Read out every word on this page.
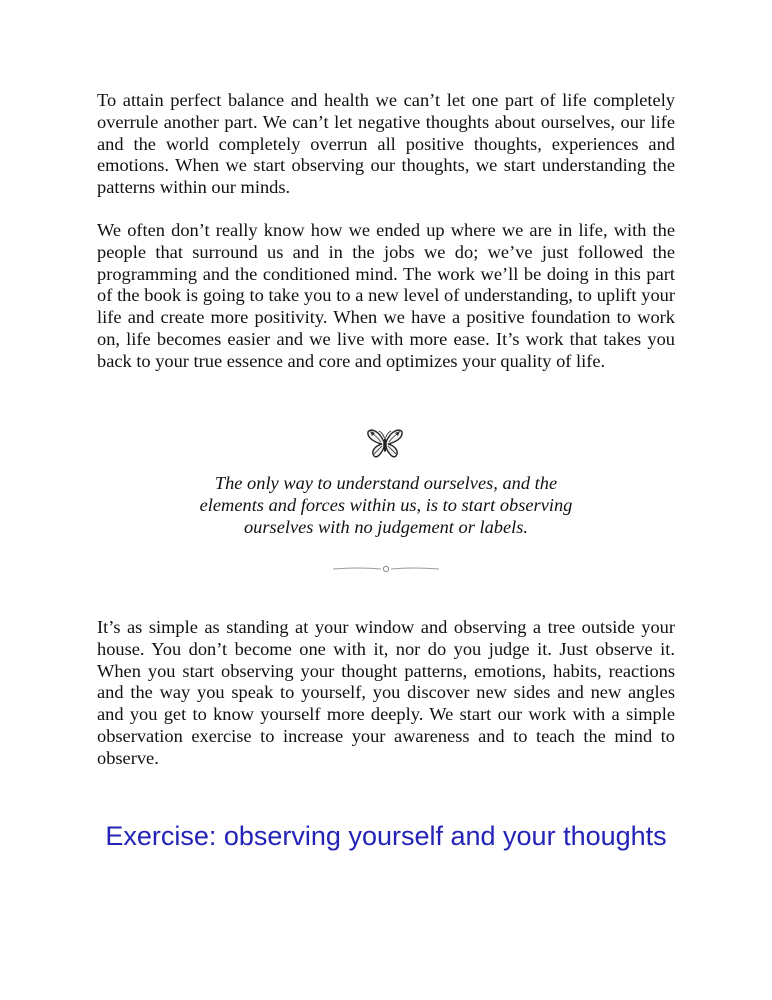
To attain perfect balance and health we can’t let one part of life completely overrule another part. We can’t let negative thoughts about ourselves, our life and the world completely overrun all positive thoughts, experiences and emotions. When we start observing our thoughts, we start understanding the patterns within our minds.

We often don’t really know how we ended up where we are in life, with the people that surround us and in the jobs we do; we’ve just followed the programming and the conditioned mind. The work we’ll be doing in this part of the book is going to take you to a new level of understanding, to uplift your life and create more positivity. When we have a positive foundation to work on, life becomes easier and we live with more ease. It’s work that takes you back to your true essence and core and optimizes your quality of life.

The only way to understand ourselves, and the
elements and forces within us, is to start observing
ourselves with no judgement or labels.

It’s as simple as standing at your window and observing a tree outside your house. You don’t become one with it, nor do you judge it. Just observe it. When you start observing your thought patterns, emotions, habits, reactions and the way you speak to yourself, you discover new sides and new angles and you get to know yourself more deeply. We start our work with a simple observation exercise to increase your awareness and to teach the mind to observe.

Exercise: observing yourself and your thoughts
